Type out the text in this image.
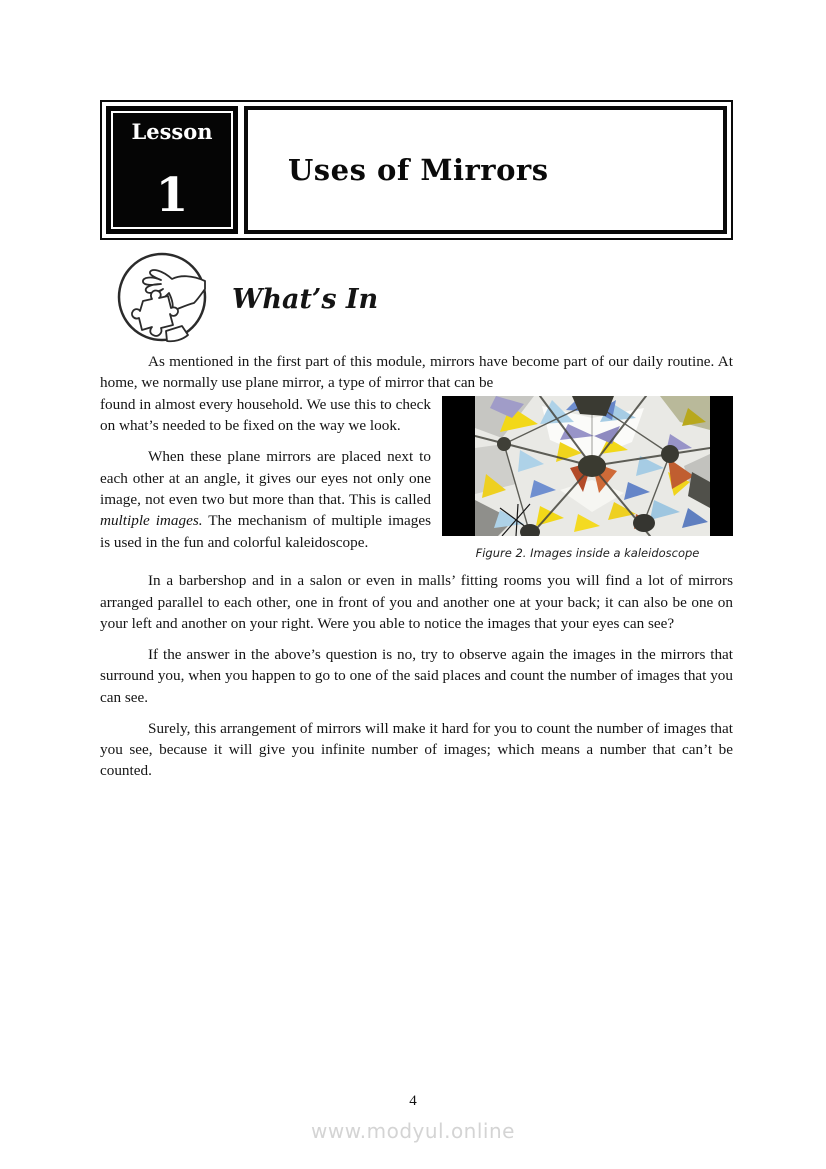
Lesson
1	Uses of Mirrors
What’s In

As mentioned in the first part of this module, mirrors have become part of our daily routine. At home, we normally use plane mirror, a type of mirror that can be

Figure 2. Images inside a kaleidoscope

found in almost every household. We use this to check on what’s needed to be fixed on the way we look.

When these plane mirrors are placed next to each other at an angle, it gives our eyes not only one image, not even two but more than that. This is called multiple images. The mechanism of multiple images is used in the fun and colorful kaleidoscope.

In a barbershop and in a salon or even in malls’ fitting rooms you will find a lot of mirrors arranged parallel to each other, one in front of you and another one at your back; it can also be one on your left and another on your right. Were you able to notice the images that your eyes can see?

If the answer in the above’s question is no, try to observe again the images in the mirrors that surround you, when you happen to go to one of the said places and count the number of images that you can see.

Surely, this arrangement of mirrors will make it hard for you to count the number of images that you see, because it will give you infinite number of images; which means a number that can’t be counted.

4
www.modyul.online
